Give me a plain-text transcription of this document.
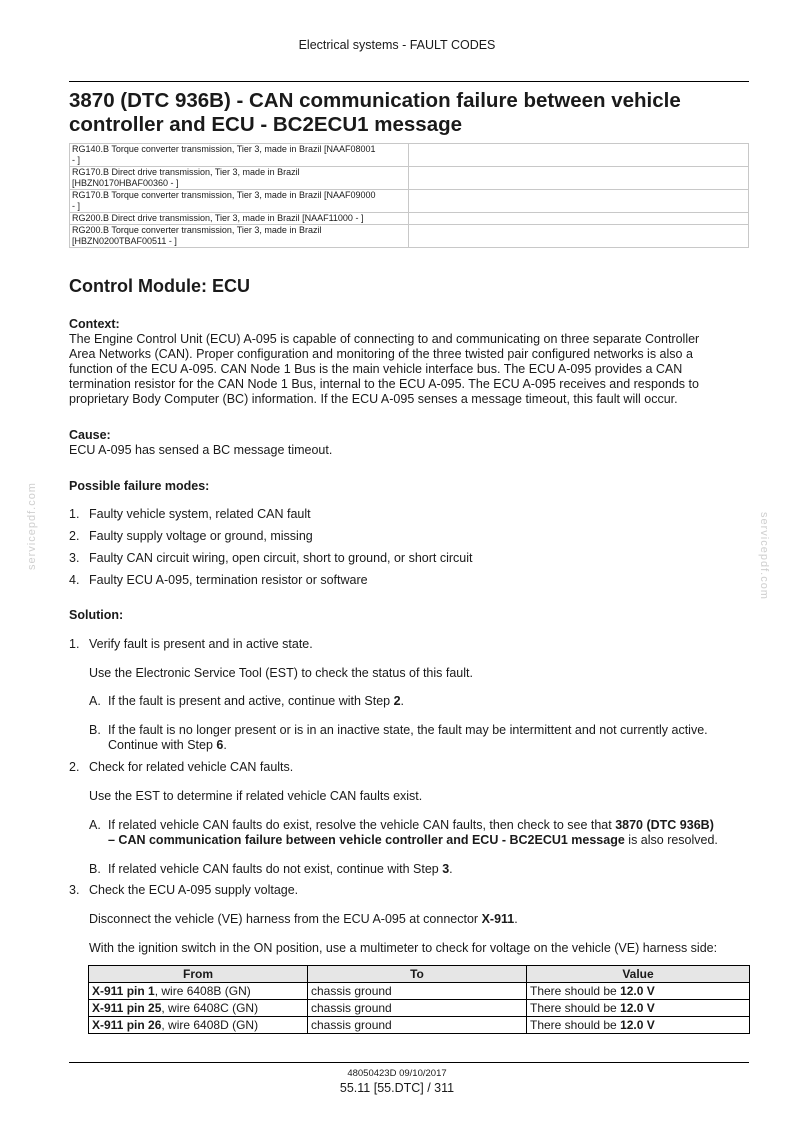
Electrical systems - FAULT CODES
3870 (DTC 936B) - CAN communication failure between vehicle
controller and ECU - BC2ECU1 message
RG140.B Torque converter transmission, Tier 3, made in Brazil [NAAF08001
- ]	
RG170.B Direct drive transmission, Tier 3, made in Brazil
[HBZN0170HBAF00360 - ]	
RG170.B Torque converter transmission, Tier 3, made in Brazil [NAAF09000
- ]	
RG200.B Direct drive transmission, Tier 3, made in Brazil [NAAF11000 - ]	
RG200.B Torque converter transmission, Tier 3, made in Brazil
[HBZN0200TBAF00511 - ]	
Control Module: ECU
Context:

The Engine Control Unit (ECU) A-095 is capable of connecting to and communicating on three separate Controller
Area Networks (CAN). Proper configuration and monitoring of the three twisted pair configured networks is also a
function of the ECU A-095. CAN Node 1 Bus is the main vehicle interface bus. The ECU A-095 provides a CAN
termination resistor for the CAN Node 1 Bus, internal to the ECU A-095. The ECU A-095 receives and responds to
proprietary Body Computer (BC) information. If the ECU A-095 senses a message timeout, this fault will occur.

Cause:

ECU A-095 has sensed a BC message timeout.

Possible failure modes:
1. Faulty vehicle system, related CAN fault
2. Faulty supply voltage or ground, missing
3. Faulty CAN circuit wiring, open circuit, short to ground, or short circuit
4. Faulty ECU A-095, termination resistor or software
Solution:
1. Verify fault is present and in active state.
Use the Electronic Service Tool (EST) to check the status of this fault.
A. If the fault is present and active, continue with Step 2.
B. If the fault is no longer present or is in an inactive state, the fault may be intermittent and not currently active.
Continue with Step 6.
2. Check for related vehicle CAN faults.
Use the EST to determine if related vehicle CAN faults exist.
A. If related vehicle CAN faults do exist, resolve the vehicle CAN faults, then check to see that 3870 (DTC 936B)
– CAN communication failure between vehicle controller and ECU - BC2ECU1 message is also resolved.
B. If related vehicle CAN faults do not exist, continue with Step 3.
3. Check the ECU A-095 supply voltage.
Disconnect the vehicle (VE) harness from the ECU A-095 at connector X-911.
With the ignition switch in the ON position, use a multimeter to check for voltage on the vehicle (VE) harness side:
From	To	Value
X-911 pin 1, wire 6408B (GN)	chassis ground	There should be 12.0 V
X-911 pin 25, wire 6408C (GN)	chassis ground	There should be 12.0 V
X-911 pin 26, wire 6408D (GN)	chassis ground	There should be 12.0 V
servicepdf.com	servicepdf.com
48050423D 09/10/2017
55.11 [55.DTC] / 311
